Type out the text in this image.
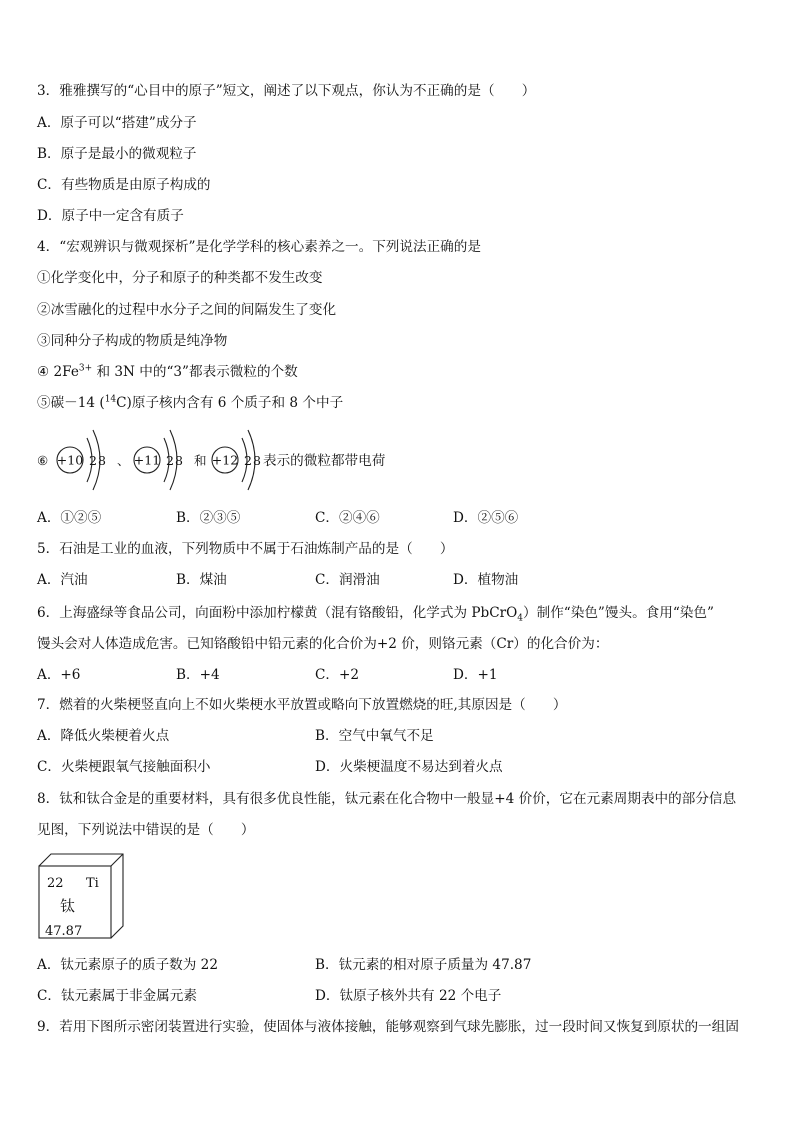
3．雅雅撰写的“心目中的原子”短文，阐述了以下观点，你认为不正确的是（　　）
A．原子可以“搭建”成分子
B．原子是最小的微观粒子
C．有些物质是由原子构成的
D．原子中一定含有质子
4．“宏观辨识与微观探析”是化学学科的核心素养之一。下列说法正确的是
①化学变化中，分子和原子的种类都不发生改变
②冰雪融化的过程中水分子之间的间隔发生了变化
③同种分子构成的物质是纯净物
④ $2Fe^{3+}$ 和 3N 中的“3”都表示微粒的个数
⑤碳－14 ($^{14}$C)原子核内含有 6 个质子和 8 个中子
⑥ +10 2 8 、 +11 2 8 和 +12 2 8 表示的微粒都带电荷
A．①②⑤	B．②③⑤	C．②④⑥	D．②⑤⑥
5．石油是工业的血液，下列物质中不属于石油炼制产品的是（　　）
A．汽油	B．煤油	C．润滑油	D．植物油
6．上海盛绿等食品公司，向面粉中添加柠檬黄（混有铬酸铅，化学式为 PbCrO$_4$）制作“染色”馒头。食用“染色”
馒头会对人体造成危害。已知铬酸铅中铅元素的化合价为+2 价，则铬元素（Cr）的化合价为：
A．+6	B．+4	C．+2	D．+1
7．燃着的火柴梗竖直向上不如火柴梗水平放置或略向下放置燃烧的旺,其原因是（　　）
A．降低火柴梗着火点	B．空气中氧气不足
C．火柴梗跟氧气接触面积小	D．火柴梗温度不易达到着火点
8．钛和钛合金是的重要材料，具有很多优良性能，钛元素在化合物中一般显+4 价价，它在元素周期表中的部分信息
见图，下列说法中错误的是（　　）
22 Ti
钛
47.87
A．钛元素原子的质子数为 22	B．钛元素的相对原子质量为 47.87
C．钛元素属于非金属元素	D．钛原子核外共有 22 个电子
9．若用下图所示密闭装置进行实验，使固体与液体接触，能够观察到气球先膨胀，过一段时间又恢复到原状的一组固
